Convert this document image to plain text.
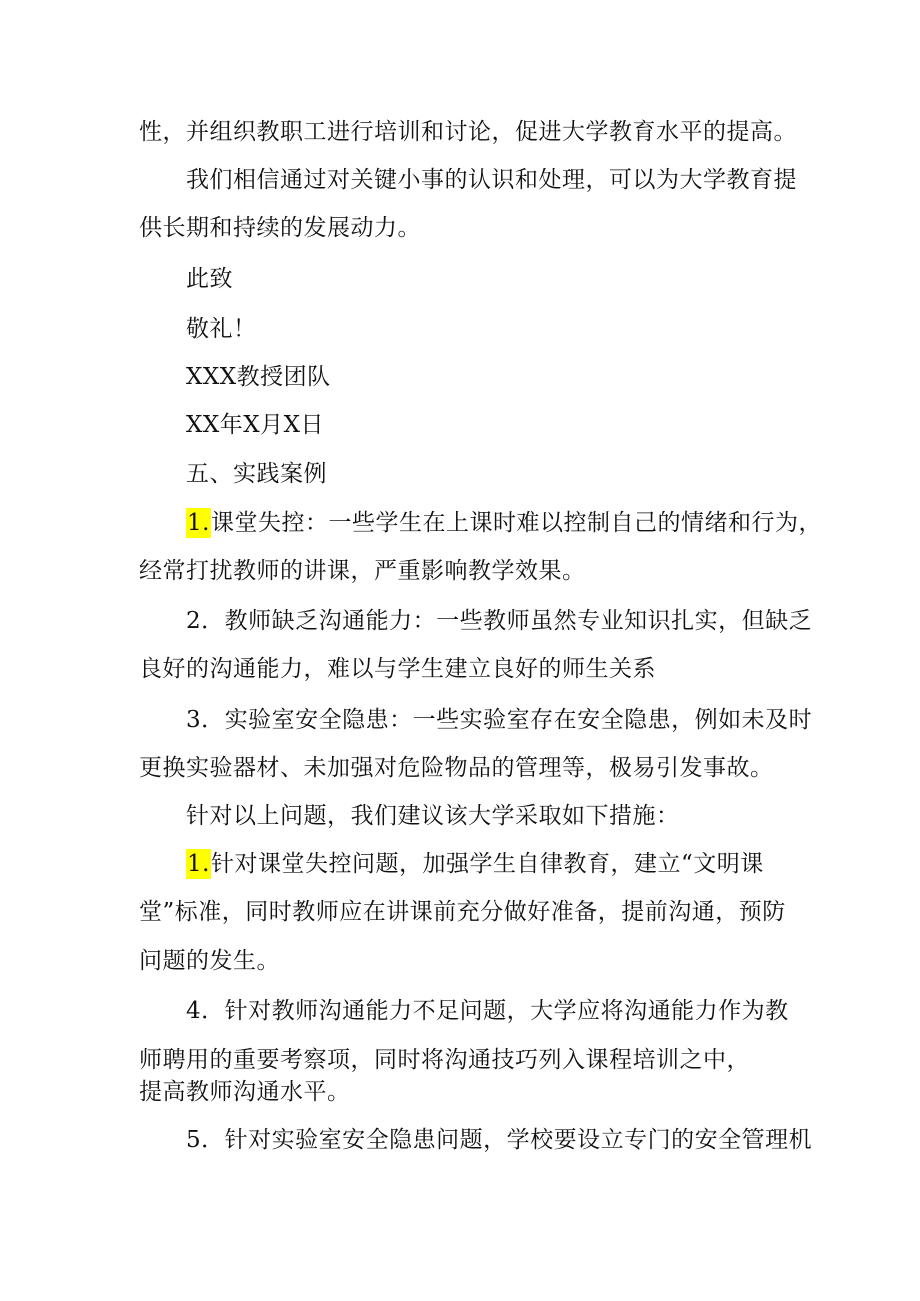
性，并组织教职工进行培训和讨论，促进大学教育水平的提高。
我们相信通过对关键小事的认识和处理，可以为大学教育提
供长期和持续的发展动力。
此致
敬礼！
XXX教授团队
XX年X月X日
五、实践案例
1.课堂失控：一些学生在上课时难以控制自己的情绪和行为，
经常打扰教师的讲课，严重影响教学效果。
2．教师缺乏沟通能力：一些教师虽然专业知识扎实，但缺乏
良好的沟通能力，难以与学生建立良好的师生关系
3．实验室安全隐患：一些实验室存在安全隐患，例如未及时
更换实验器材、未加强对危险物品的管理等，极易引发事故。
针对以上问题，我们建议该大学采取如下措施：
1.针对课堂失控问题，加强学生自律教育，建立“文明课
堂”标准，同时教师应在讲课前充分做好准备，提前沟通，预防
问题的发生。
4．针对教师沟通能力不足问题，大学应将沟通能力作为教
师聘用的重要考察项，同时将沟通技巧列入课程培训之中，
提高教师沟通水平。
5．针对实验室安全隐患问题，学校要设立专门的安全管理机
